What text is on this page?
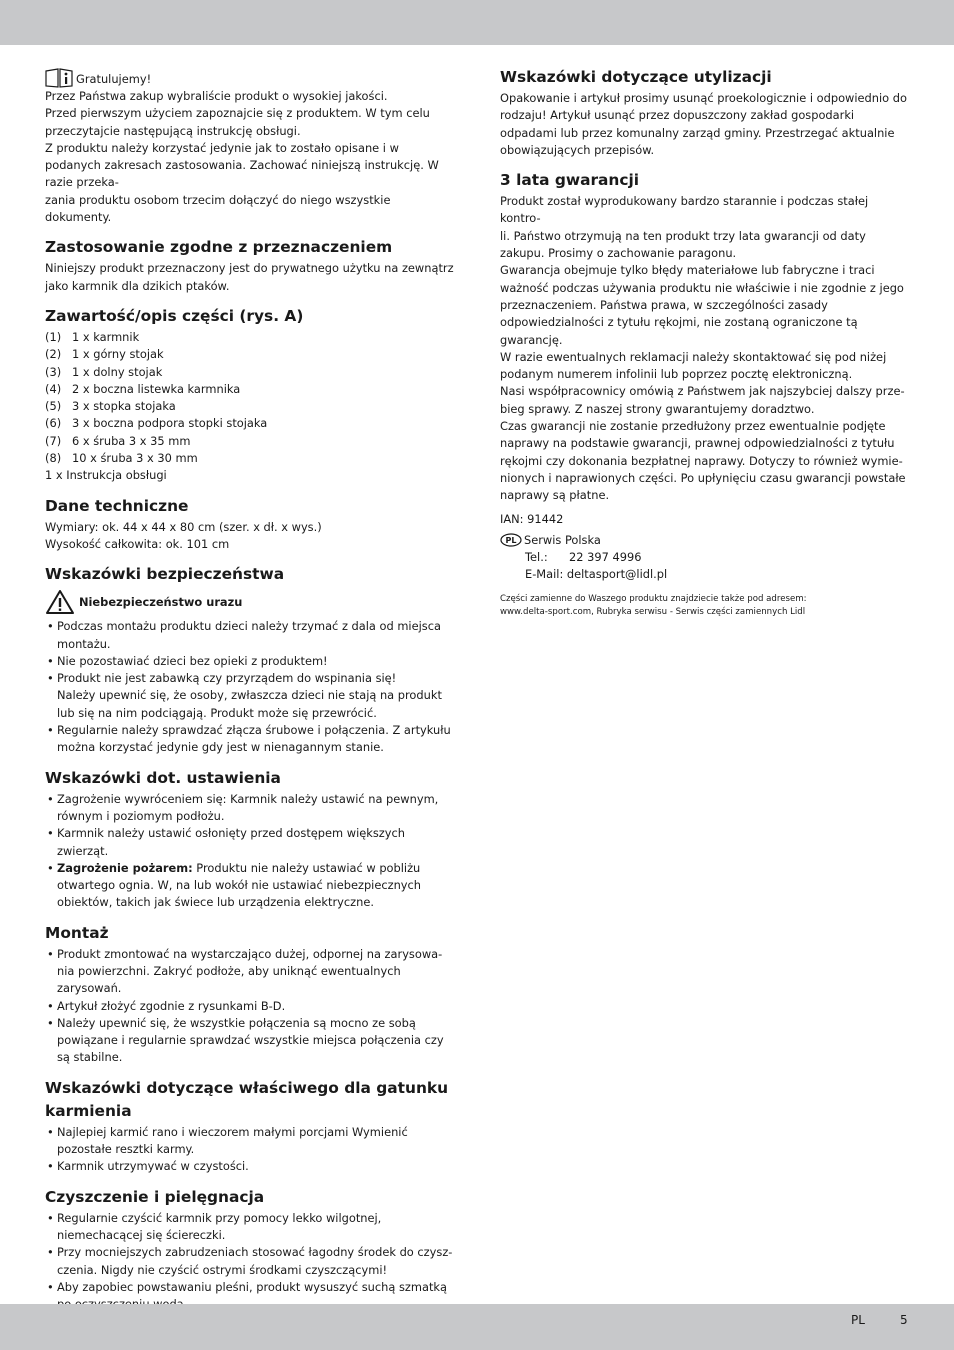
Gratulujemy!
Przez Państwa zakup wybraliście produkt o wysokiej jakości.
Przed pierwszym użyciem zapoznajcie się z produktem. W tym celu przeczytajcie następującą instrukcję obsługi.
Z produktu należy korzystać jedynie jak to zostało opisane i w podanych zakresach zastosowania. Zachować niniejszą instrukcję. W razie przeka-
zania produktu osobom trzecim dołączyć do niego wszystkie dokumenty.
Zastosowanie zgodne z przeznaczeniem
Niniejszy produkt przeznaczony jest do prywatnego użytku na zewnątrz jako karmnik dla dzikich ptaków.
Zawartość/opis części (rys. A)
(1) 1 x karmnik
(2) 1 x górny stojak
(3) 1 x dolny stojak
(4) 2 x boczna listewka karmnika
(5) 3 x stopka stojaka
(6) 3 x boczna podpora stopki stojaka
(7) 6 x śruba 3 x 35 mm
(8) 10 x śruba 3 x 30 mm
1 x Instrukcja obsługi
Dane techniczne
Wymiary: ok. 44 x 44 x 80 cm (szer. x dł. x wys.)
Wysokość całkowita: ok. 101 cm
Wskazówki bezpieczeństwa
Niebezpieczeństwo urazu
• Podczas montażu produktu dzieci należy trzymać z dala od miejsca montażu.
• Nie pozostawiać dzieci bez opieki z produktem!
• Produkt nie jest zabawką czy przyrządem do wspinania się!
Należy upewnić się, że osoby, zwłaszcza dzieci nie stają na produkt lub się na nim podciągają. Produkt może się przewrócić.
• Regularnie należy sprawdzać złącza śrubowe i połączenia. Z artykułu można korzystać jedynie gdy jest w nienagannym stanie.
Wskazówki dot. ustawienia
• Zagrożenie wywróceniem się: Karmnik należy ustawić na pewnym, równym i poziomym podłożu.
• Karmnik należy ustawić osłonięty przed dostępem większych zwierząt.
• Zagrożenie pożarem: Produktu nie należy ustawiać w pobliżu otwartego ognia. W, na lub wokół nie ustawiać niebezpiecznych obiektów, takich jak świece lub urządzenia elektryczne.
Montaż
• Produkt zmontować na wystarczająco dużej, odpornej na zarysowa-
nia powierzchni. Zakryć podłoże, aby uniknąć ewentualnych zarysowań.
• Artykuł złożyć zgodnie z rysunkami B-D.
• Należy upewnić się, że wszystkie połączenia są mocno ze sobą powiązane i regularnie sprawdzać wszystkie miejsca połączenia czy są stabilne.
Wskazówki dotyczące właściwego dla gatunku karmienia
• Najlepiej karmić rano i wieczorem małymi porcjami Wymienić pozostałe resztki karmy.
• Karmnik utrzymywać w czystości.
Czyszczenie i pielęgnacja
• Regularnie czyścić karmnik przy pomocy lekko wilgotnej, niemechacącej się ściereczki.
• Przy mocniejszych zabrudzeniach stosować łagodny środek do czysz-
czenia. Nigdy nie czyścić ostrymi środkami czyszczącymi!
• Aby zapobiec powstawaniu pleśni, produkt wysuszyć suchą szmatką
Wskazówki dotyczące utylizacji
Opakowanie i artykuł prosimy usunąć proekologicznie i odpowiednio do rodzaju! Artykuł usunąć przez dopuszczony zakład gospodarki odpadami lub przez komunalny zarząd gminy. Przestrzegać aktualnie obowiązujących przepisów.
3 lata gwarancji
Produkt został wyprodukowany bardzo starannie i podczas stałej kontro-
li. Państwo otrzymują na ten produkt trzy lata gwarancji od daty zakupu. Prosimy o zachowanie paragonu.
Gwarancja obejmuje tylko błędy materiałowe lub fabryczne i traci ważność podczas używania produktu nie właściwie i nie zgodnie z jego przeznaczeniem. Państwa prawa, w szczególności zasady odpowiedzialności z tytułu rękojmi, nie zostaną ograniczone tą gwarancję.
W razie ewentualnych reklamacji należy skontaktować się pod niżej podanym numerem infolinii lub poprzez pocztę elektroniczną.
Nasi współpracownicy omówią z Państwem jak najszybciej dalszy prze-
bieg sprawy. Z naszej strony gwarantujemy doradztwo.
Czas gwarancji nie zostanie przedłużony przez ewentualnie podjęte naprawy na podstawie gwarancji, prawnej odpowiedzialności z tytułu rękojmi czy dokonania bezpłatnej naprawy. Dotyczy to również wymie-
nionych i naprawionych części. Po upłynięciu czasu gwarancji powstałe naprawy są płatne.
IAN: 91442
PL Serwis Polska
Tel.: 22 397 4996
E-Mail: deltasport@lidl.pl
Części zamienne do Waszego produktu znajdziecie także pod adresem:
www.delta-sport.com, Rubryka serwisu - Serwis części zamiennych Lidl
PL	5
